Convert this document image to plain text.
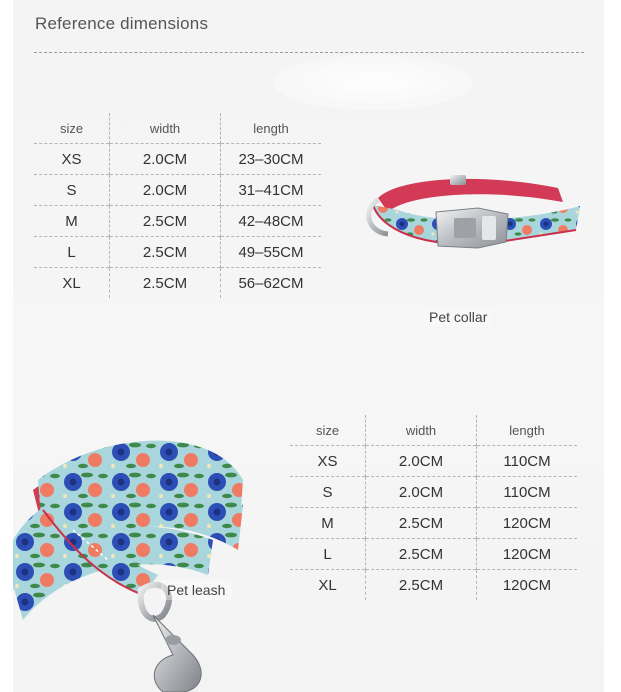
Reference dimensions
size	width	length
XS	2.0CM	23–30CM
S	2.0CM	31–41CM
M	2.5CM	42–48CM
L	2.5CM	49–55CM
XL	2.5CM	56–62CM
Pet collar
Pet leash
size	width	length
XS	2.0CM	110CM
S	2.0CM	110CM
M	2.5CM	120CM
L	2.5CM	120CM
XL	2.5CM	120CM
